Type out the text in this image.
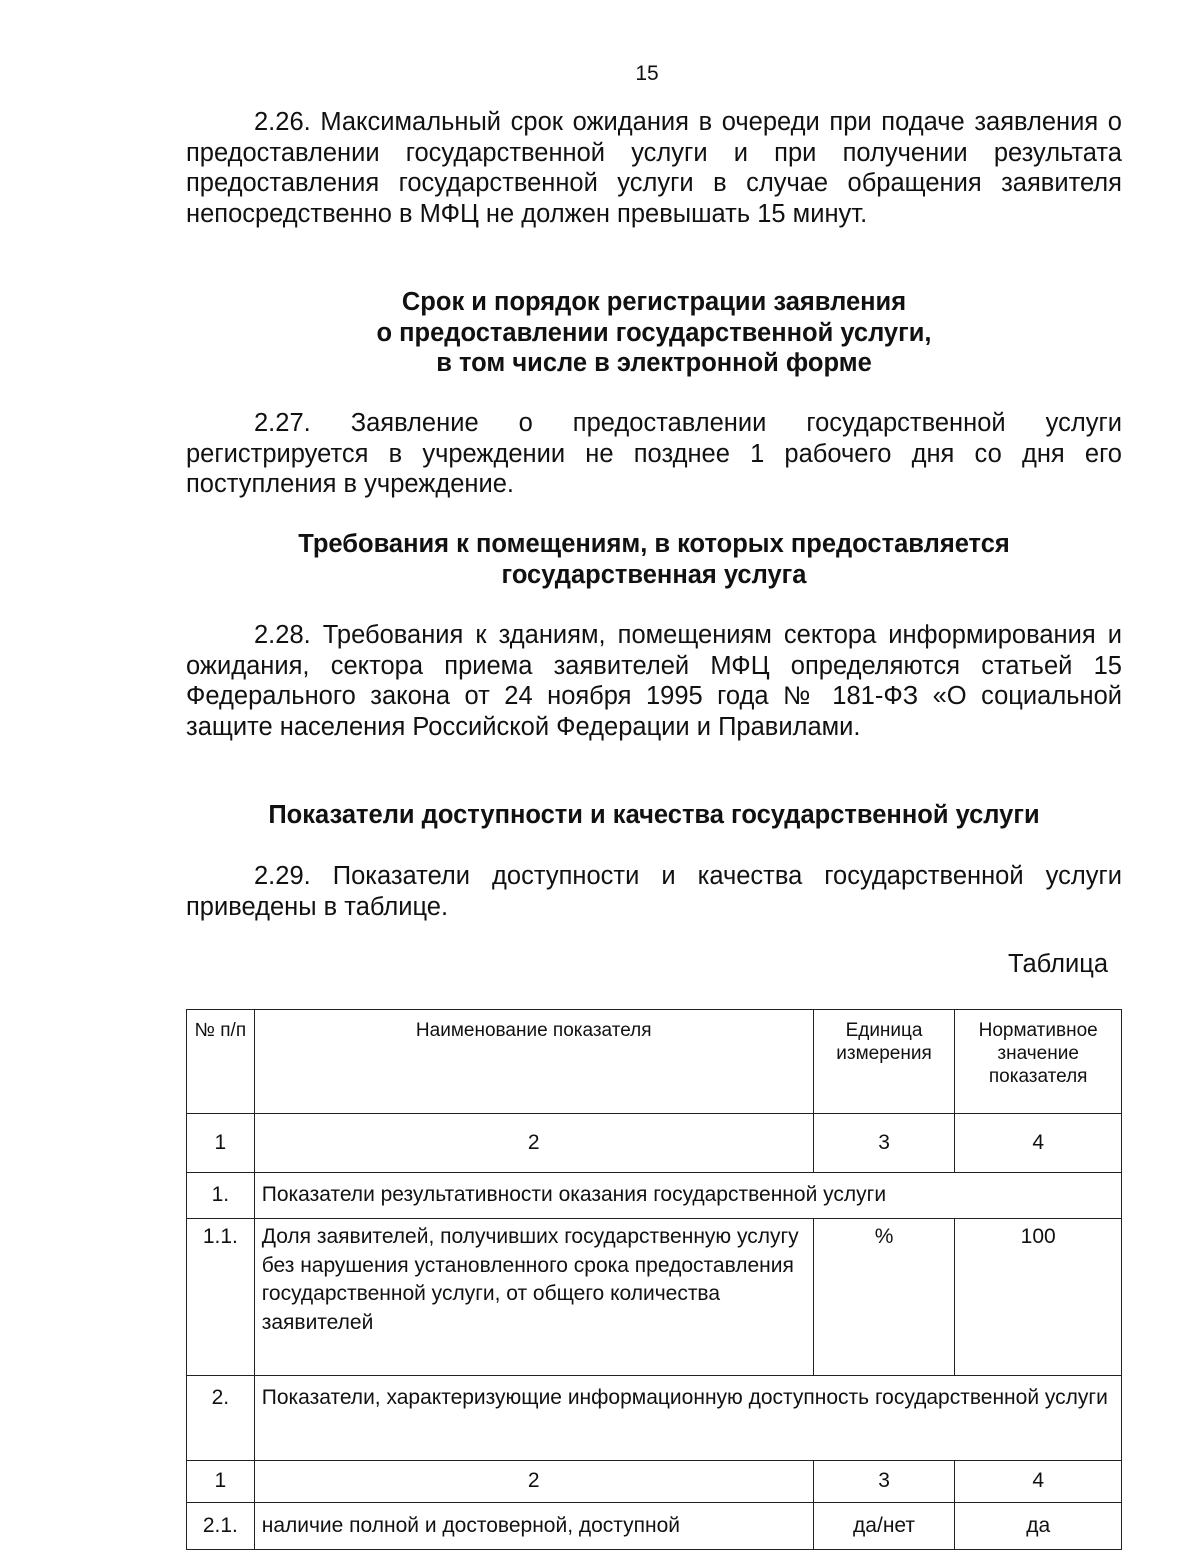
15

2.26. Максимальный срок ожидания в очереди при подаче заявления о предоставлении государственной услуги и при получении результата предоставления государственной услуги в случае обращения заявителя непосредственно в МФЦ не должен превышать 15 минут.

Срок и порядок регистрации заявления
о предоставлении государственной услуги,
в том числе в электронной форме

2.27. Заявление о предоставлении государственной услуги регистрируется в учреждении не позднее 1 рабочего дня со дня его поступления в учреждение.

Требования к помещениям, в которых предоставляется
государственная услуга

2.28. Требования к зданиям, помещениям сектора информирования и ожидания, сектора приема заявителей МФЦ определяются статьей 15 Федерального закона от 24 ноября 1995 года № 181-ФЗ «О социальной защите населения Российской Федерации и Правилами.

Показатели доступности и качества государственной услуги

2.29. Показатели доступности и качества государственной услуги приведены в таблице.

Таблица
№ п/п	Наименование показателя	Единица измерения	Нормативное значение показателя
1	2	3	4
1.	Показатели результативности оказания государственной услуги		
1.1.	Доля заявителей, получивших государственную услугу без нарушения установленного срока предоставления государственной услуги, от общего количества заявителей	%	100
2.	Показатели, характеризующие информационную доступность государственной услуги		
1	2	3	4
2.1.	наличие полной и достоверной, доступной	да/нет	да
